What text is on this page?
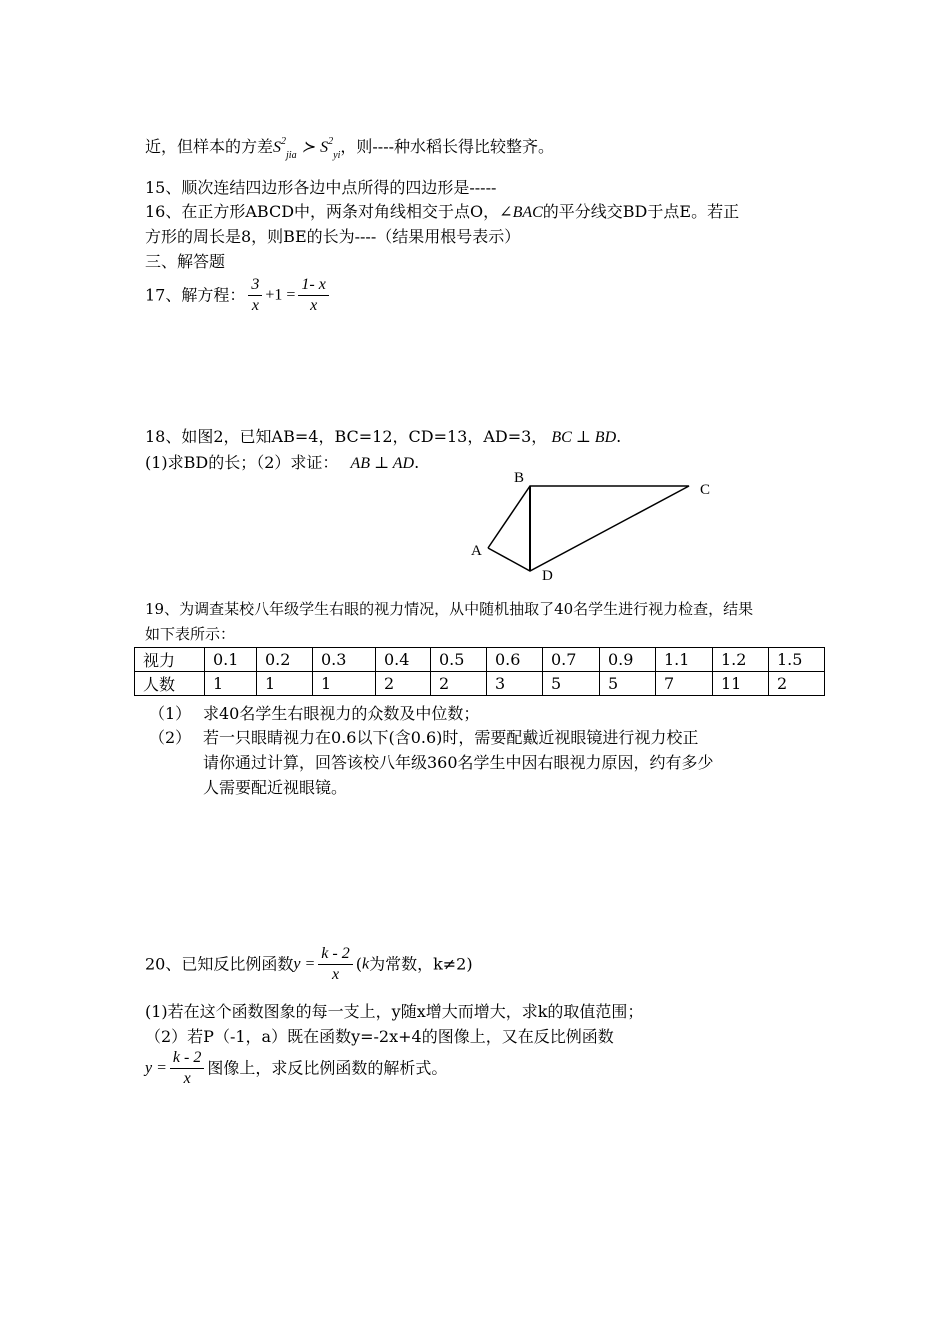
近，但样本的方差$S^2_{jia}$ ≻ $S^2_{yi}$，则----种水稻长得比较整齐。
15、顺次连结四边形各边中点所得的四边形是-----
16、在正方形ABCD中，两条对角线相交于点O，∠BAC的平分线交BD于点E。若正
方形的周长是8，则BE的长为----（结果用根号表示）
三、解答题
17、解方程： $\frac{3}{x} +1 = \frac{1- x}{x}$
18、如图2，已知AB=4，BC=12，CD=13，AD=3， BC ⊥ BD.
(1)求BD的长；（2）求证： AB ⊥ AD.
B
C
A
D
19、为调查某校八年级学生右眼的视力情况，从中随机抽取了40名学生进行视力检查，结果
如下表所示：
视力	0.1	0.2	0.3	0.4	0.5	0.6	0.7	0.9	1.1	1.2	1.5
人数	1	1	1	2	2	3	5	5	7	11	2
（1） 求40名学生右眼视力的众数及中位数；
（2） 若一只眼睛视力在0.6以下(含0.6)时，需要配戴近视眼镜进行视力校正
请你通过计算，回答该校八年级360名学生中因右眼视力原因，约有多少
人需要配近视眼镜。
20、已知反比例函数$y = \frac{k - 2}{x} (k$为常数，k≠2)
(1)若在这个函数图象的每一支上，y随x增大而增大，求k的取值范围；
（2）若P（-1，a）既在函数y=-2x+4的图像上，又在反比例函数
$y = \frac{k - 2}{x}$ 图像上，求反比例函数的解析式。
